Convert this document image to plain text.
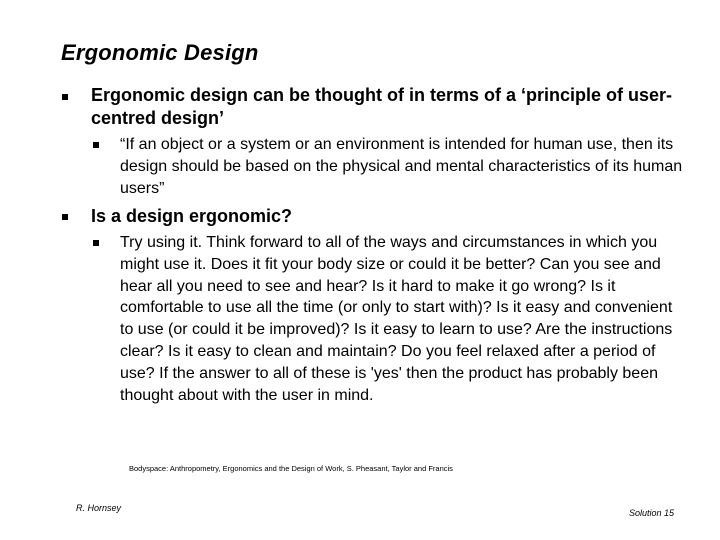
Ergonomic Design
Ergonomic design can be thought of in terms of a ‘principle of user-centred design’
“If an object or a system or an environment is intended for human use, then its design should be based on the physical and mental characteristics of its human users”
Is a design ergonomic?
Try using it. Think forward to all of the ways and circumstances in which you might use it. Does it fit your body size or could it be better? Can you see and hear all you need to see and hear? Is it hard to make it go wrong? Is it comfortable to use all the time (or only to start with)? Is it easy and convenient to use (or could it be improved)? Is it easy to learn to use? Are the instructions clear? Is it easy to clean and maintain? Do you feel relaxed after a period of use? If the answer to all of these is 'yes' then the product has probably been thought about with the user in mind.
Bodyspace: Anthropometry, Ergonomics and the Design of Work, S. Pheasant, Taylor and Francis
R. Hornsey	Solution 15
